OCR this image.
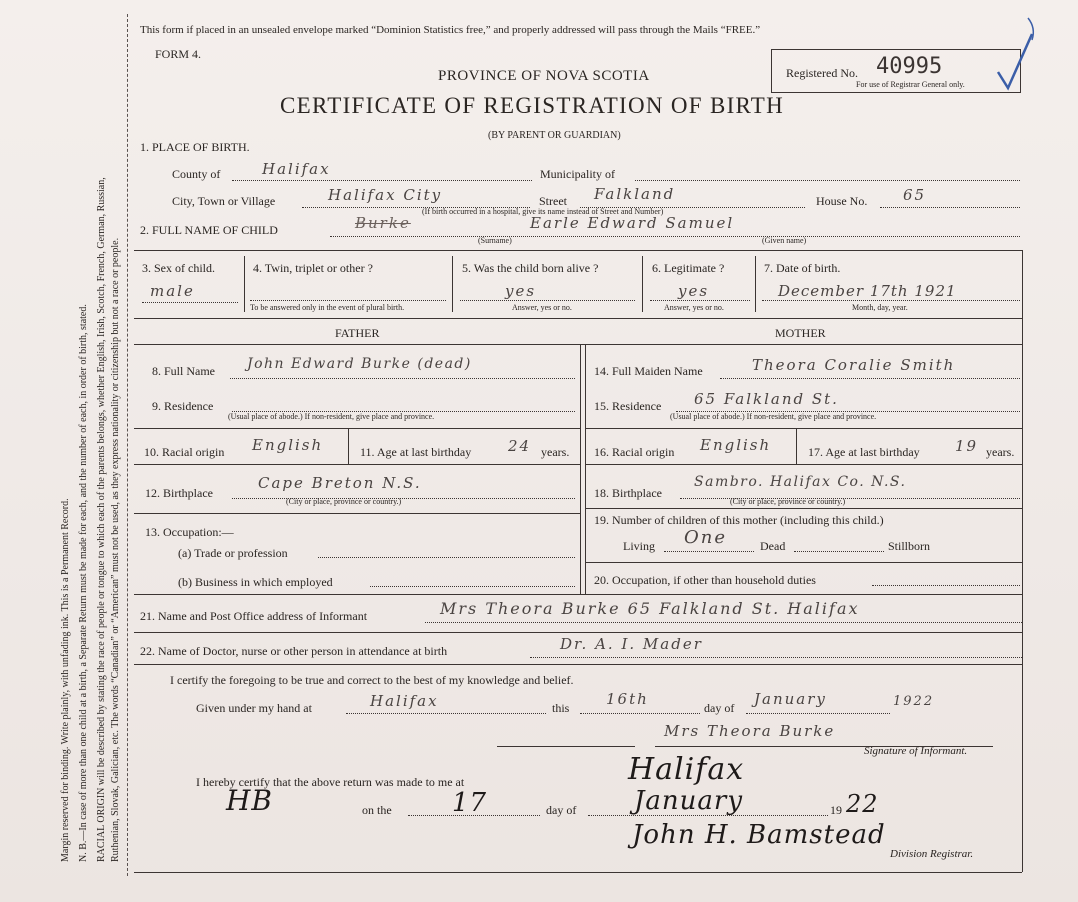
Margin reserved for binding. Write plainly, with unfading ink. This is a Permanent Record. N. B.—In case of more than one child at a birth, a Separate Return must be made for each, and the number of each, in order of birth, stated. RACIAL ORIGIN will be described by stating the race of people or tongue to which each of the parents belongs, whether English, Irish, Scotch, French, German, Russian, Ruthenian, Slovak, Galician, etc. The words “Canadian” or “American” must not be used, as they express nationality or citizenship but not a race or people.
This form if placed in an unsealed envelope marked “Dominion Statistics free,” and properly addressed will pass through the Mails “FREE.”
FORM 4.
PROVINCE OF NOVA SCOTIA
CERTIFICATE OF REGISTRATION OF BIRTH
(BY PARENT OR GUARDIAN)
Registered No. 40995
For use of Registrar General only.
1. PLACE OF BIRTH.
County of	Halifax	Municipality of
City, Town or Village	Halifax City	Street Falkland	House No. 65
(If birth occurred in a hospital, give its name instead of Street and Number)
2. FULL NAME OF CHILD	Burke	Earle Edward Samuel
(Surname)	(Given name)
3. Sex of child.
male
4. Twin, triplet or other ?
To be answered only in the event of plural birth.
5. Was the child born alive ?
yes
Answer, yes or no.
6. Legitimate ?
yes
Answer, yes or no.
7. Date of birth.
December 17th 1921
Month, day, year.
FATHER	MOTHER
8. Full Name John Edward Burke (dead)
9. Residence
(Usual place of abode.) If non-resident, give place and province.
10. Racial origin English	11. Age at last birthday 24 years.
12. Birthplace
Cape Breton N.S.
(City or place, province or country.)
13. Occupation:—
(a) Trade or profession
(b) Business in which employed
14. Full Maiden Name	Theora Coralie Smith
15. Residence 65 Falkland St.
(Usual place of abode.) If non-resident, give place and province.
16. Racial origin English	17. Age at last birthday 19 years.
18. Birthplace
Sambro. Halifax Co. N.S.
(City or place, province or country.)
19. Number of children of this mother (including this child.)
Living One	Dead	Stillborn
20. Occupation, if other than household duties
21. Name and Post Office address of Informant	Mrs Theora Burke 65 Falkland St. Halifax
22. Name of Doctor, nurse or other person in attendance at birth	Dr. A. I. Mader
I certify the foregoing to be true and correct to the best of my knowledge and belief.
Given under my hand at	Halifax	this 16th	day of January	1922
Mrs Theora Burke
Signature of Informant.
I hereby certify that the above return was made to me at	Halifax
HB	on the 17	day of January	19 22
John H. Bamstead
Division Registrar.
